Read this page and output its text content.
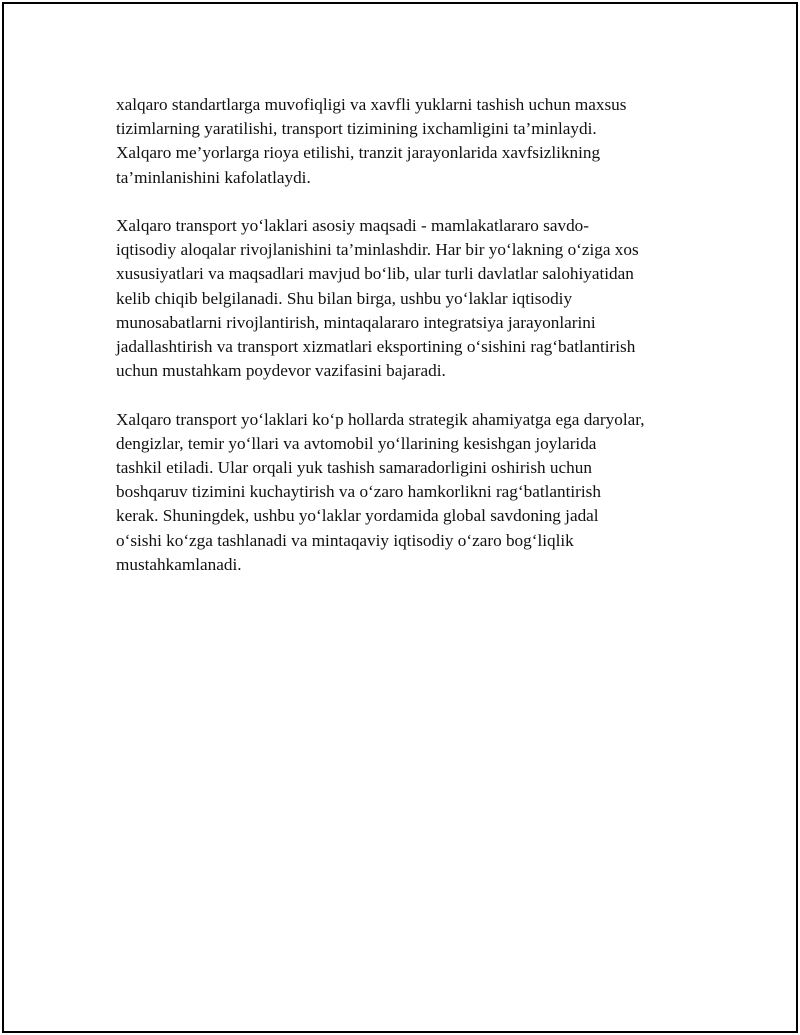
xalqaro standartlarga muvofiqligi va xavfli yuklarni tashish uchun maxsus
tizimlarning yaratilishi, transport tizimining ixchamligini ta’minlaydi.
Xalqaro me’yorlarga rioya etilishi, tranzit jarayonlarida xavfsizlikning
ta’minlanishini kafolatlaydi.

Xalqaro transport yo‘laklari asosiy maqsadi - mamlakatlararo savdo-
iqtisodiy aloqalar rivojlanishini ta’minlashdir. Har bir yo‘lakning o‘ziga xos
xususiyatlari va maqsadlari mavjud bo‘lib, ular turli davlatlar salohiyatidan
kelib chiqib belgilanadi. Shu bilan birga, ushbu yo‘laklar iqtisodiy
munosabatlarni rivojlantirish, mintaqalararo integratsiya jarayonlarini
jadallashtirish va transport xizmatlari eksportining o‘sishini rag‘batlantirish
uchun mustahkam poydevor vazifasini bajaradi.

Xalqaro transport yo‘laklari ko‘p hollarda strategik ahamiyatga ega daryolar,
dengizlar, temir yo‘llari va avtomobil yo‘llarining kesishgan joylarida
tashkil etiladi. Ular orqali yuk tashish samaradorligini oshirish uchun
boshqaruv tizimini kuchaytirish va o‘zaro hamkorlikni rag‘batlantirish
kerak. Shuningdek, ushbu yo‘laklar yordamida global savdoning jadal
o‘sishi ko‘zga tashlanadi va mintaqaviy iqtisodiy o‘zaro bog‘liqlik
mustahkamlanadi.
